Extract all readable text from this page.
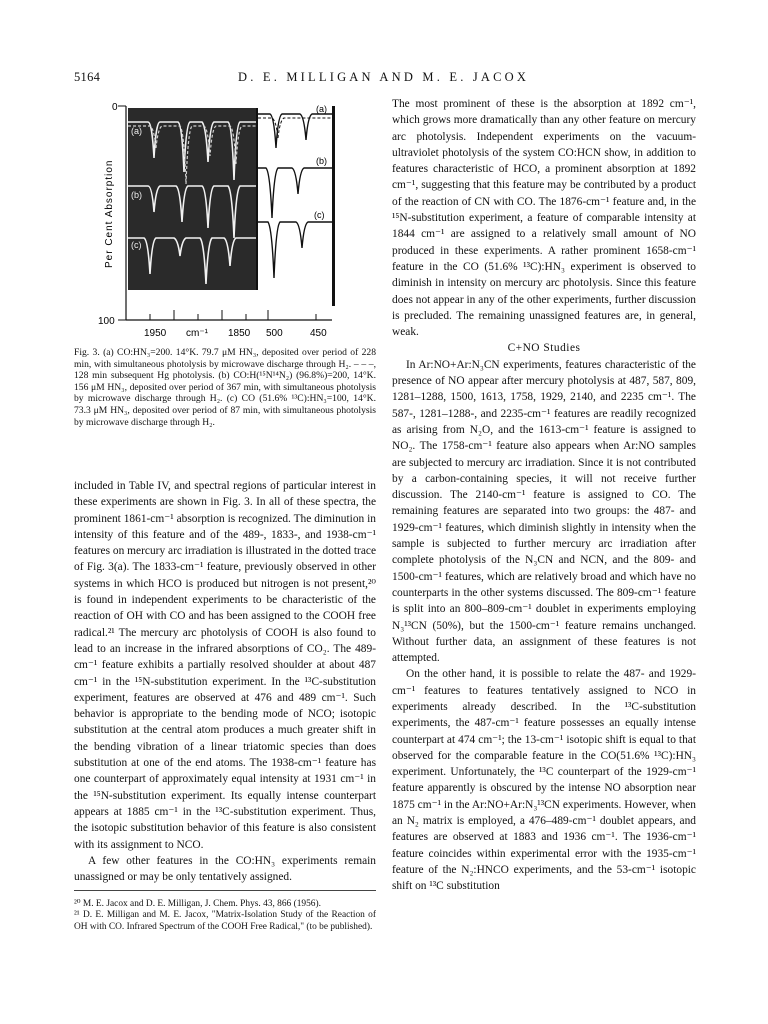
5164	D. E. MILLIGAN AND M. E. JACOX
0
100
Per Cent Absorption
1950 cm⁻¹ 1850 500	450
(a)
(b)
(c)
(a)
(b)
(c)
Fig. 3. (a) CO:HN₃=200. 14°K. 79.7 μM HN₃, deposited over period of 228 min, with simultaneous photolysis by microwave discharge through H₂. – – –, 128 min subsequent Hg photolysis. (b) CO:H(¹⁵N¹⁴N₂) (96.8%)=200, 14°K. 156 μM HN₃, deposited over period of 367 min, with simultaneous photolysis by microwave discharge through H₂. (c) CO (51.6% ¹³C):HN₃=100, 14°K. 73.3 μM HN₃, deposited over period of 87 min, with simultaneous photolysis by microwave discharge through H₂.

included in Table IV, and spectral regions of particular interest in these experiments are shown in Fig. 3. In all of these spectra, the prominent 1861-cm⁻¹ absorption is recognized. The diminution in intensity of this feature and of the 489-, 1833-, and 1938-cm⁻¹ features on mercury arc irradiation is illustrated in the dotted trace of Fig. 3(a). The 1833-cm⁻¹ feature, previously observed in other systems in which HCO is produced but nitrogen is not present,²⁰ is found in independent experiments to be characteristic of the reaction of OH with CO and has been assigned to the COOH free radical.²¹ The mercury arc photolysis of COOH is also found to lead to an increase in the infrared absorptions of CO₂. The 489-cm⁻¹ feature exhibits a partially resolved shoulder at about 487 cm⁻¹ in the ¹⁵N-substitution experiment. In the ¹³C-substitution experiment, features are observed at 476 and 489 cm⁻¹. Such behavior is appropriate to the bending mode of NCO; isotopic substitution at the central atom produces a much greater shift in the bending vibration of a linear triatomic species than does substitution at one of the end atoms. The 1938-cm⁻¹ feature has one counterpart of approximately equal intensity at 1931 cm⁻¹ in the ¹⁵N-substitution experiment. Its equally intense counterpart appears at 1885 cm⁻¹ in the ¹³C-substitution experiment. Thus, the isotopic substitution behavior of this feature is also consistent with its assignment to NCO.

A few other features in the CO:HN₃ experiments remain unassigned or may be only tentatively assigned.

²⁰ M. E. Jacox and D. E. Milligan, J. Chem. Phys. 43, 866 (1956).

²¹ D. E. Milligan and M. E. Jacox, "Matrix-Isolation Study of the Reaction of OH with CO. Infrared Spectrum of the COOH Free Radical," (to be published).

The most prominent of these is the absorption at 1892 cm⁻¹, which grows more dramatically than any other feature on mercury arc photolysis. Independent experiments on the vacuum-ultraviolet photolysis of the system CO:HCN show, in addition to features characteristic of HCO, a prominent absorption at 1892 cm⁻¹, suggesting that this feature may be contributed by a product of the reaction of CN with CO. The 1876-cm⁻¹ feature and, in the ¹⁵N-substitution experiment, a feature of comparable intensity at 1844 cm⁻¹ are assigned to a relatively small amount of NO produced in these experiments. A rather prominent 1658-cm⁻¹ feature in the CO (51.6% ¹³C):HN₃ experiment is observed to diminish in intensity on mercury arc photolysis. Since this feature does not appear in any of the other experiments, further discussion is precluded. The remaining unassigned features are, in general, weak.

C+NO Studies

In Ar:NO+Ar:N₃CN experiments, features characteristic of the presence of NO appear after mercury photolysis at 487, 587, 809, 1281–1288, 1500, 1613, 1758, 1929, 2140, and 2235 cm⁻¹. The 587-, 1281–1288-, and 2235-cm⁻¹ features are readily recognized as arising from N₂O, and the 1613-cm⁻¹ feature is assigned to NO₂. The 1758-cm⁻¹ feature also appears when Ar:NO samples are subjected to mercury arc irradiation. Since it is not contributed by a carbon-containing species, it will not receive further discussion. The 2140-cm⁻¹ feature is assigned to CO. The remaining features are separated into two groups: the 487- and 1929-cm⁻¹ features, which diminish slightly in intensity when the sample is subjected to further mercury arc irradiation after complete photolysis of the N₃CN and NCN, and the 809- and 1500-cm⁻¹ features, which are relatively broad and which have no counterparts in the other systems discussed. The 809-cm⁻¹ feature is split into an 800–809-cm⁻¹ doublet in experiments employing N₃¹³CN (50%), but the 1500-cm⁻¹ feature remains unchanged. Without further data, an assignment of these features is not attempted.

On the other hand, it is possible to relate the 487- and 1929-cm⁻¹ features to features tentatively assigned to NCO in experiments already described. In the ¹³C-substitution experiments, the 487-cm⁻¹ feature possesses an equally intense counterpart at 474 cm⁻¹; the 13-cm⁻¹ isotopic shift is equal to that observed for the comparable feature in the CO(51.6% ¹³C):HN₃ experiment. Unfortunately, the ¹³C counterpart of the 1929-cm⁻¹ feature apparently is obscured by the intense NO absorption near 1875 cm⁻¹ in the Ar:NO+Ar:N₃¹³CN experiments. However, when an N₂ matrix is employed, a 476–489-cm⁻¹ doublet appears, and features are observed at 1883 and 1936 cm⁻¹. The 1936-cm⁻¹ feature coincides within experimental error with the 1935-cm⁻¹ feature of the N₂:HNCO experiments, and the 53-cm⁻¹ isotopic shift on ¹³C substitution
